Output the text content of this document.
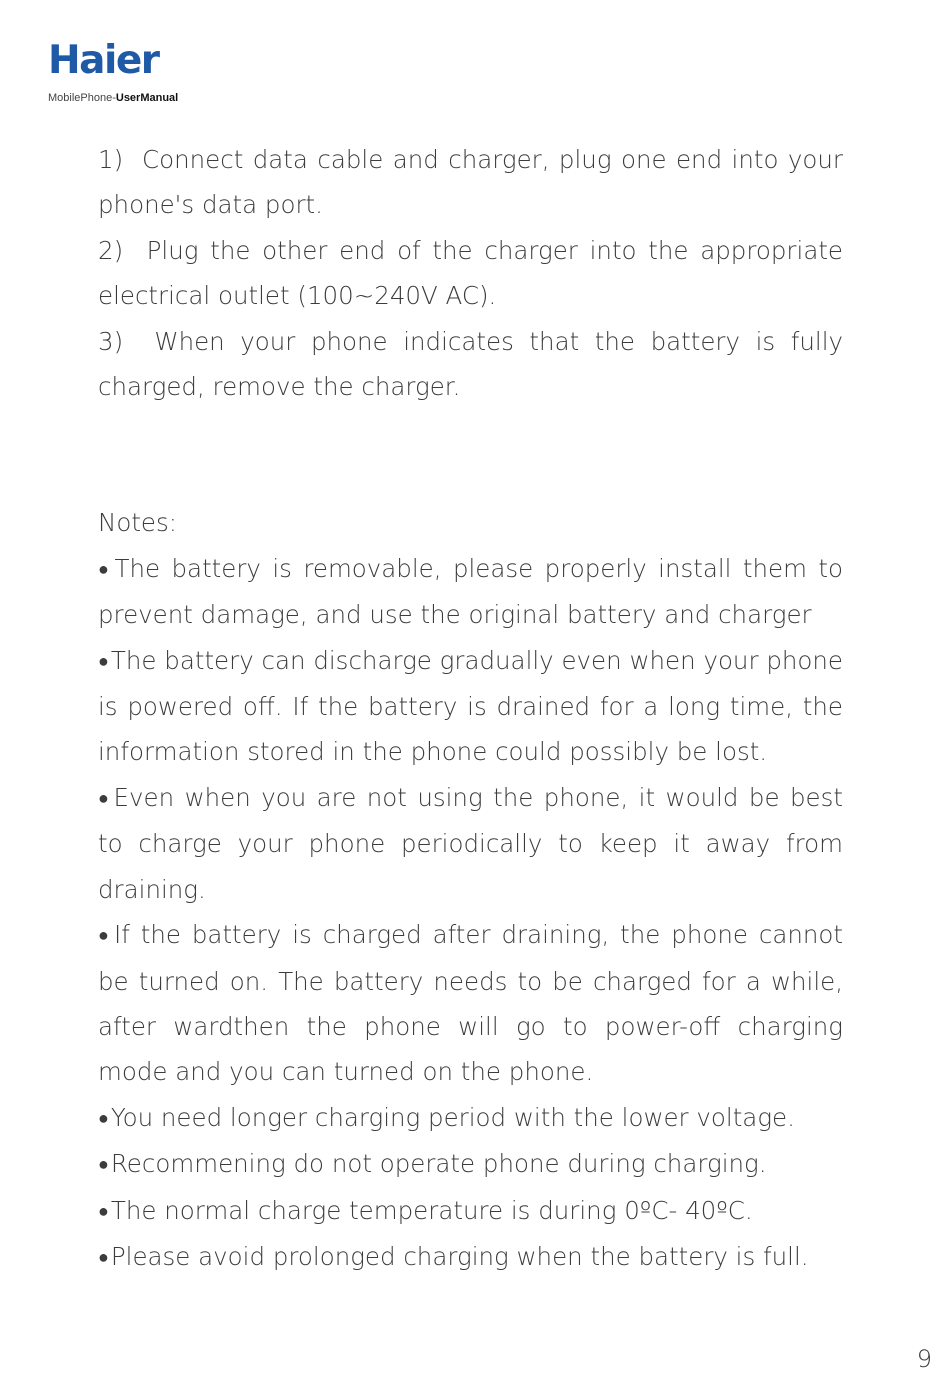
Haier
MobilePhone-UserManual

1) Connect data cable and charger, plug one end into your phone's data port.

2) Plug the other end of the charger into the appropriate electrical outlet (100~240V AC).

3) When your phone indicates that the battery is fully charged, remove the charger.

Notes:

●The battery is removable, please properly install them to prevent damage, and use the original battery and charger

●The battery can discharge gradually even when your phone is powered off. If the battery is drained for a long time, the information stored in the phone could possibly be lost.

●Even when you are not using the phone, it would be best to charge your phone periodically to keep it away from draining.

●If the battery is charged after draining, the phone cannot be turned on. The battery needs to be charged for a while, after wardthen the phone will go to power-off charging mode and you can turned on the phone.

●You need longer charging period with the lower voltage.

●Recommening do not operate phone during charging.

●The normal charge temperature is during 0ºC- 40ºC.

●Please avoid prolonged charging when the battery is full.

9
